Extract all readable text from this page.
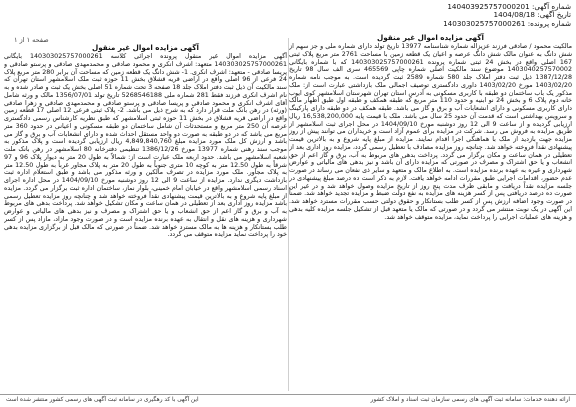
شماره آگهی: 140403925757000201
تاریخ آگهی: 1404/08/18
شماره پرونده: 140303025757000261
صفحه ۱ از ۱	آگهی مزایده اموال غیر منقول
مالکیت محمود / صادقی فرزند عزیزاله شماره شناسنامه 13977 تاریخ تولد دارای شماره ملی و جز سهم از شش دانگ به عنوان مالک شش دانگ عرصه و اعیان یک قطعه زمین با مساحت 2761 متر مربع پلاک ثبتی 167 اصلی واقع در بخش 24 ثبتی شماره پرونده 140303025757000261 که با شماره بایگانی 1403040257570002 موضوع سند مالکیت اصلی شماره چاپی 465569 سری الف سال 98 تاریخ 1387/12/28 ذیل ثبت دفتر املاک جلد 580 شماره 2589 ثبت گردیده است. به موجب نامه شماره 1403/02/20 مورخ 1403/02/20 داوری دادگستری توصیف اجمالی ملک بازداشتی عبارت است از: ملک مذکور یک باب ساختمان دو طبقه با کاربری مسکونی به آدرس استان تهران شهرستان اسلامشهر کوی ایوب خانه دوم پلاک 6 و بخش 24 نو ابنیه و حدود 110 متر مربع که طبقه همکف و طبقه اول طبق اظهار مالک دارای کاربری مسکونی و دارای انشعابات آب و برق و گاز می باشد. طبقه همکف در دو طبقه دارای پارکینگ و سرویس بهداشتی است که قدمت آن حدود 25 سال می باشد. ملک با قیمت پایه 16,538,200,000 ریال ارزیابی گردیده و از ساعت 9 الی 12 روز دوشنبه مورخ 1404/09/10 در محل اجرای ثبت اسلامشهر از طریق مزایده به فروش می رسد. شرکت در مزایده برای عموم آزاد است و خریداران می توانند پیش از روز مزایده جهت بازدید از ملک با هماهنگی اجرا اقدام نمایند. مزایده از مبلغ پایه شروع و به بالاترین قیمت پیشنهادی نقداً فروخته خواهد شد. چنانچه روز مزایده مصادف با تعطیل رسمی گردد، مزایده روز اداری بعد از تعطیلی در همان ساعت و مکان برگزار می گردد. پرداخت بدهی های مربوط به آب، برق و گاز اعم از حق انشعاب و یا حق اشتراک و مصرف در صورتی که مزایده دارای آن باشد و نیز بدهی های مالیاتی و عوارض شهرداری و غیره به عهده برنده مزایده است. به اطلاع مالک و متعهد و سایر ذی نفعان می رساند در صورت عدم حضور، اقدامات اجرایی طبق مقررات ادامه خواهد یافت. لازم به ذکر است ده درصد مبلغ پیشنهادی در جلسه مزایده نقداً دریافت و مابقی ظرف مدت پنج روز از تاریخ مزایده وصول خواهد شد و در غیر این صورت ده درصد دریافتی پس از کسر هزینه های مزایده به نفع دولت ضبط و مزایده تجدید خواهد شد. ضمناً در صورت وجود اضافه ارزش پس از کسر طلب بستانکار و حقوق دولتی حسب مقررات مسترد خواهد شد. این آگهی در یک نوبت منتشر می گردد و در صورتی که مالک یا متعهد قبل از تشکیل جلسه مزایده کلیه بدهی و هزینه های عملیات اجرایی را پرداخت نماید، مزایده متوقف خواهد شد.
آگهی مزایده اموال غیر منقول
آگهی مزایده اموال غیر منقول پرونده اجرائی کلاسه 140303025757000261 بایگانی 140303025757000261 متعهد: اشرف انکری و محمود صادقی و محمدمهدی صادقی و پرستو صادقی و پریسا صادقی - متعهد: اشرف انکری. 1- شش دانگ یک قطعه زمین که مساحت آن برابر 280 متر مربع پلاک 24 فرعی از 96 اصلی واقع در اراضی قریه قشلاق بخش 11 حوزه ثبت ملک اسلامشهر استان تهران که سند مالکیت آن ذیل ثبت دفتر املاک جلد 18 صفحه 3 تحت شماره 51 اصلی بخش یک ثبت و صادر شده و به نام اشرف انکری فرزند فقط 281 شماره ملی 5268546188 تاریخ تولد 1356/07/01 مالک و ورثه شامل آقای اشرف انکری و محمود صادقی و پریسا صادقی و پرستو صادقی و محمدمهدی صادقی و زهرا صادقی (ورثه) در رهن بانک ملت قرار دارد که به شرح ذیل می باشد. 2- پلاک ثبتی فرعی 12 اصلی 17 قطعه زمین واقع در اراضی قریه قشلاق در بخش 11 حوزه ثبتی اسلامشهر که طبق نظریه کارشناس رسمی دادگستری عرصه آن 250 متر مربع و مستحدثات آن شامل ساختمان دو طبقه مسکونی و اعیانی در حدود 360 متر مربع می باشد که در دو طبقه به صورت دو واحد مستقل احداث شده و دارای انشعابات آب و برق و گاز می باشد و ارزش کل ملک مورد مزایده مبلغ 4,849,840,760 ریال ارزیابی گردیده است و پلاک مذکور به موجب سند رهنی شماره 13977 مورخ 1386/12/26 تنظیمی دفترخانه 80 اسلامشهر در رهن بانک ملت شعبه اسلامشهر می باشد. حدود اربعه ملک عبارت است از: شمالاً به طول 20 متر به دیوار پلاک 96 و 97 شرقاً به طول 12.50 متر به کوچه 10 متری جنوباً به طول 20 متر به پلاک مجاور غرباً به طول 12.50 متر به پلاک مجاور. ملک مورد مزایده در تصرف مالکین و ورثه مذکور می باشد و طبق استعلام اداره ثبت بازداشت دیگری ندارد. مزایده از ساعت 9 الی 12 روز دوشنبه مورخ 1404/09/10 در محل اداره اجرای اسناد رسمی اسلامشهر واقع در خیابان امام خمینی، بلوار نماز، ساختمان اداره ثبت برگزار می گردد. مزایده از مبلغ پایه شروع و به بالاترین قیمت پیشنهادی نقداً فروخته خواهد شد و چنانچه روز مزایده تعطیل رسمی باشد مزایده روز اداری بعد از تعطیلی در همان ساعت و مکان تشکیل خواهد شد. پرداخت بدهی های مربوط به آب و برق و گاز اعم از حق انشعاب و یا حق اشتراک و مصرف و نیز بدهی های مالیاتی و عوارض شهرداری و هزینه های نقل و انتقال به عهده برنده مزایده است و در صورت وجود مازاد، مازاد پس از کسر طلب بستانکار و هزینه ها به مالک مسترد خواهد شد. ضمناً در صورتی که مالک قبل از برگزاری مزایده بدهی خود را پرداخت نماید مزایده متوقف می گردد.
ارائه دهنده خدمات: سامانه ثبت آگهی های رسمی سازمان ثبت اسناد و املاک کشور
این آگهی با کد رهگیری در سامانه ثبت آگهی های رسمی کشور منتشر شده است
